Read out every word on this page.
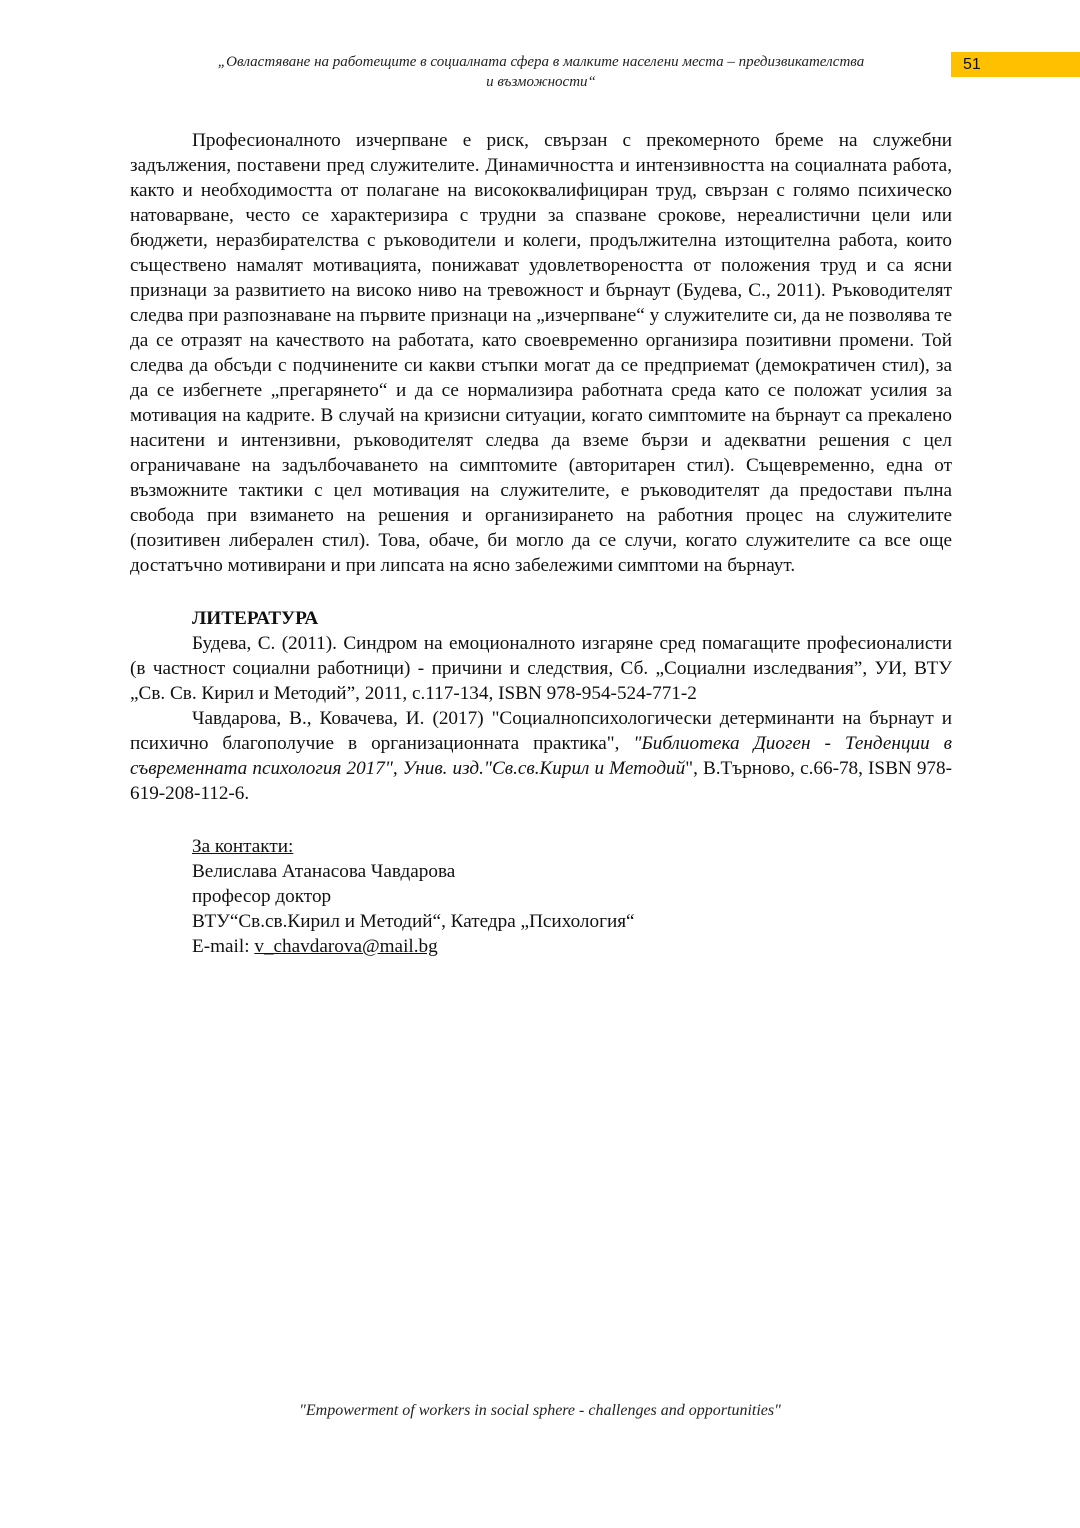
„Овластяване на работещите в социалната сфера в малките населени места – предизвикателства
и възможности“
51

Професионалното изчерпване е риск, свързан с прекомерното бреме на служебни задължения, поставени пред служителите. Динамичността и интензивността на социалната работа, както и необходимостта от полагане на висококвалифициран труд, свързан с голямо психическо натоварване, често се характеризира с трудни за спазване срокове, нереалистични цели или бюджети, неразбирателства с ръководители и колеги, продължителна изтощителна работа, които съществено намалят мотивацията, понижават удовлетвореността от положения труд и са ясни признаци за развитието на високо ниво на тревожност и бърнаут (Будева, С., 2011). Ръководителят следва при разпознаване на първите признаци на „изчерпване“ у служителите си, да не позволява те да се отразят на качеството на работата, като своевременно организира позитивни промени. Той следва да обсъди с подчинените си какви стъпки могат да се предприемат (демократичен стил), за да се избегнете „прегарянето“ и да се нормализира работната среда като се положат усилия за мотивация на кадрите. В случай на кризисни ситуации, когато симптомите на бърнаут са прекалено наситени и интензивни, ръководителят следва да вземе бързи и адекватни решения с цел ограничаване на задълбочаването на симптомите (авторитарен стил). Същевременно, една от възможните тактики с цел мотивация на служителите, е ръководителят да предостави пълна свобода при взимането на решения и организирането на работния процес на служителите (позитивен либерален стил). Това, обаче, би могло да се случи, когато служителите са все още достатъчно мотивирани и при липсата на ясно забележими симптоми на бърнаут.

ЛИТЕРАТУРА

Будева, С. (2011). Синдром на емоционалното изгаряне сред помагащите професионалисти (в частност социални работници) - причини и следствия, Сб. „Социални изследвания”, УИ, ВТУ „Св. Св. Кирил и Методий”, 2011, с.117-134, ISBN 978-954-524-771-2

Чавдарова, В., Ковачева, И. (2017) "Социалнопсихологически детерминанти на бърнаут и психично благополучие в организационната практика", "Библиотека Диоген - Тенденции в съвременната психология 2017", Унив. изд."Св.св.Кирил и Методий", В.Търново, с.66-78, ISBN 978-619-208-112-6.

За контакти:
Велислава Атанасова Чавдарова
професор доктор
ВТУ“Св.св.Кирил и Методий“, Катедра „Психология“
E-mail: v_chavdarova@mail.bg
"Empowerment of workers in social sphere - challenges and opportunities"
